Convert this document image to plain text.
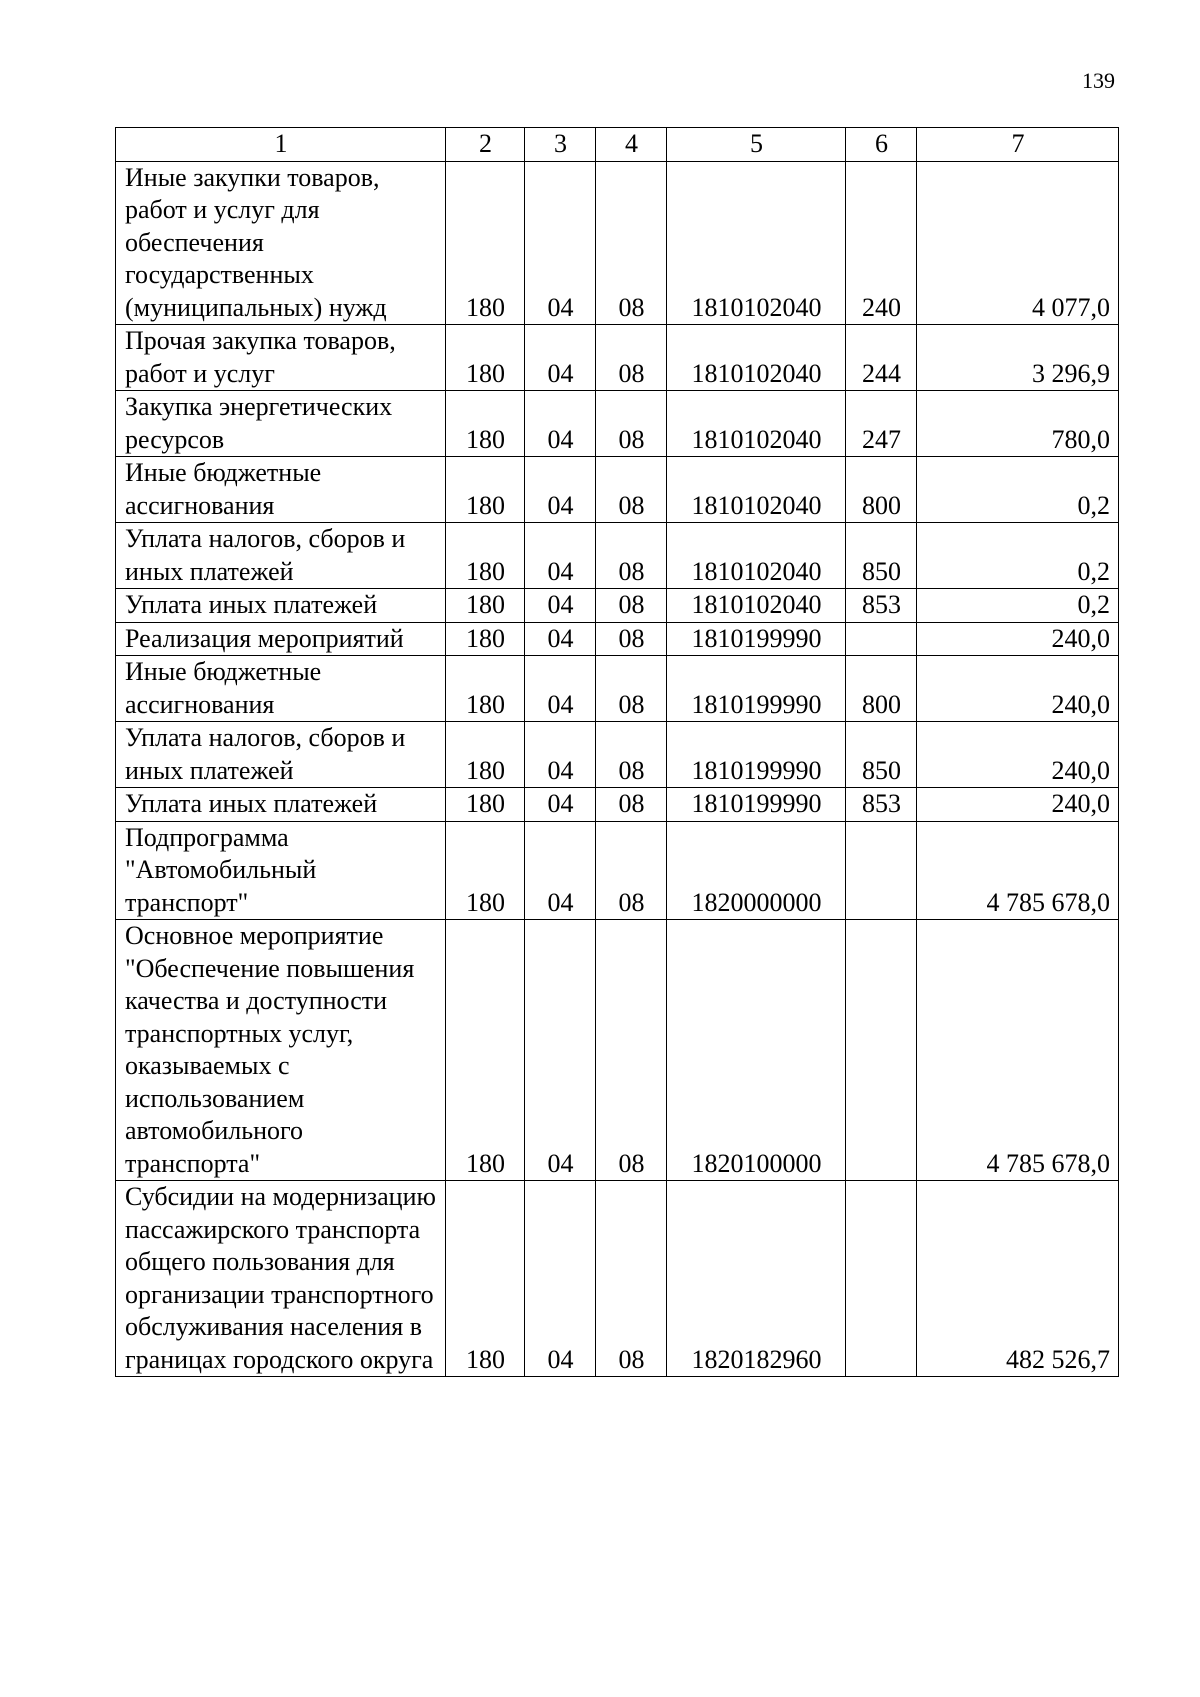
139
1	2	3	4	5	6	7
Иные закупки товаров, работ и услуг для обеспечения государственных (муниципальных) нужд	180	04	08	1810102040	240	4 077,0
Прочая закупка товаров, работ и услуг	180	04	08	1810102040	244	3 296,9
Закупка энергетических ресурсов	180	04	08	1810102040	247	780,0
Иные бюджетные ассигнования	180	04	08	1810102040	800	0,2
Уплата налогов, сборов и иных платежей	180	04	08	1810102040	850	0,2
Уплата иных платежей	180	04	08	1810102040	853	0,2
Реализация мероприятий	180	04	08	1810199990		240,0
Иные бюджетные ассигнования	180	04	08	1810199990	800	240,0
Уплата налогов, сборов и иных платежей	180	04	08	1810199990	850	240,0
Уплата иных платежей	180	04	08	1810199990	853	240,0
Подпрограмма "Автомобильный транспорт"	180	04	08	1820000000		4 785 678,0
Основное мероприятие "Обеспечение повышения качества и доступности транспортных услуг, оказываемых с использованием автомобильного транспорта"	180	04	08	1820100000		4 785 678,0
Субсидии на модернизацию пассажирского транспорта общего пользования для организации транспортного обслуживания населения в границах городского округа	180	04	08	1820182960		482 526,7
